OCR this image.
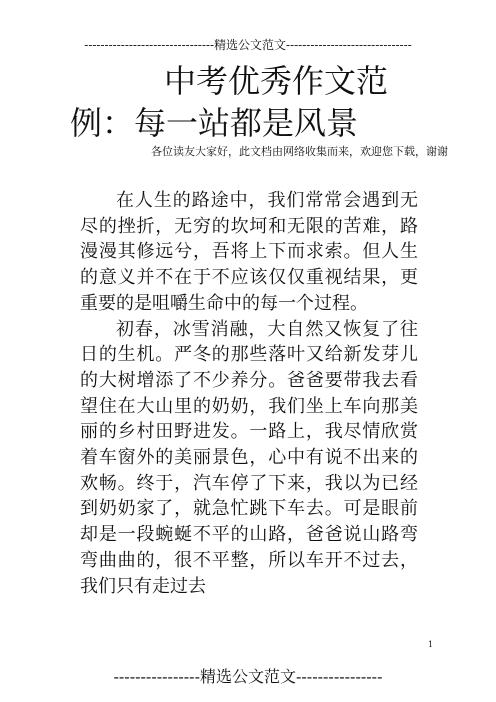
--------------------------------精选公文范文-------------------------------
中考优秀作文范例：每一站都是风景
各位读友大家好，此文档由网络收集而来，欢迎您下载，谢谢

在人生的路途中，我们常常会遇到无尽的挫折，无穷的坎坷和无限的苦难，路漫漫其修远兮，吾将上下而求索。但人生的意义并不在于不应该仅仅重视结果，更重要的是咀嚼生命中的每一个过程。

初春，冰雪消融，大自然又恢复了往日的生机。严冬的那些落叶又给新发芽儿的大树增添了不少养分。爸爸要带我去看望住在大山里的奶奶，我们坐上车向那美丽的乡村田野进发。一路上，我尽情欣赏着车窗外的美丽景色，心中有说不出来的欢畅。终于，汽车停了下来，我以为已经到奶奶家了，就急忙跳下车去。可是眼前却是一段蜿蜒不平的山路，爸爸说山路弯弯曲曲的，很不平整，所以车开不过去，我们只有走过去

1
----------------精选公文范文----------------
